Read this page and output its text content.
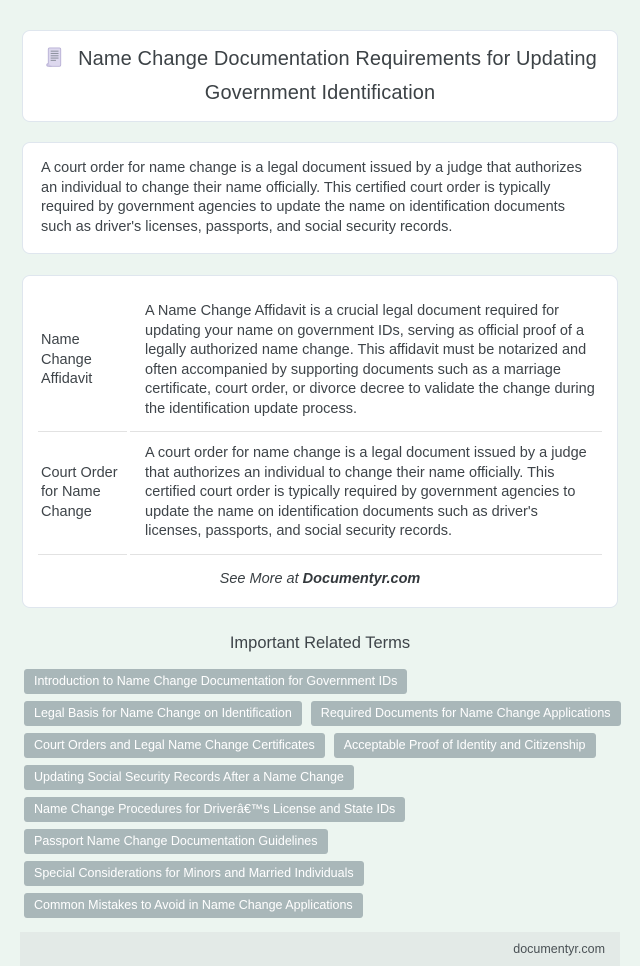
Name Change Documentation Requirements for Updating Government Identification

A court order for name change is a legal document issued by a judge that authorizes an individual to change their name officially. This certified court order is typically required by government agencies to update the name on identification documents such as driver's licenses, passports, and social security records.

Name Change Affidavit	A Name Change Affidavit is a crucial legal document required for updating your name on government IDs, serving as official proof of a legally authorized name change. This affidavit must be notarized and often accompanied by supporting documents such as a marriage certificate, court order, or divorce decree to validate the change during the identification update process.
Court Order for Name Change	A court order for name change is a legal document issued by a judge that authorizes an individual to change their name officially. This certified court order is typically required by government agencies to update the name on identification documents such as driver's licenses, passports, and social security records.

See More at Documentyr.com

Important Related Terms
Introduction to Name Change Documentation for Government IDs
Legal Basis for Name Change on Identification	Required Documents for Name Change Applications
Court Orders and Legal Name Change Certificates	Acceptable Proof of Identity and Citizenship
Updating Social Security Records After a Name Change
Name Change Procedures for Driverâ€™s License and State IDs
Passport Name Change Documentation Guidelines
Special Considerations for Minors and Married Individuals
Common Mistakes to Avoid in Name Change Applications
documentyr.com
